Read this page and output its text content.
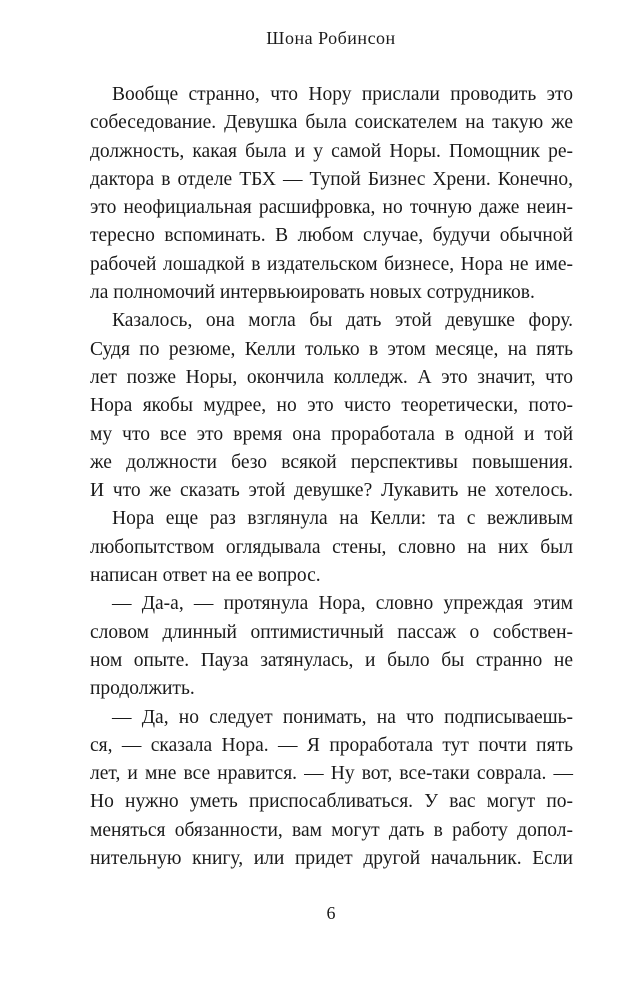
Шона Робинсон
Вообще странно, что Нору прислали проводить это
собеседование. Девушка была соискателем на такую же
должность, какая была и у самой Норы. Помощник ре-
дактора в отделе ТБХ — Тупой Бизнес Хрени. Конечно,
это неофициальная расшифровка, но точную даже неин-
тересно вспоминать. В любом случае, будучи обычной
рабочей лошадкой в издательском бизнесе, Нора не име-
ла полномочий интервьюировать новых сотрудников.
Казалось, она могла бы дать этой девушке фору.
Судя по резюме, Келли только в этом месяце, на пять
лет позже Норы, окончила колледж. А это значит, что
Нора якобы мудрее, но это чисто теоретически, пото-
му что все это время она проработала в одной и той
же должности безо всякой перспективы повышения.
И что же сказать этой девушке? Лукавить не хотелось.
Нора еще раз взглянула на Келли: та с вежливым
любопытством оглядывала стены, словно на них был
написан ответ на ее вопрос.
— Да-а, — протянула Нора, словно упреждая этим
словом длинный оптимистичный пассаж о собствен-
ном опыте. Пауза затянулась, и было бы странно не
продолжить.
— Да, но следует понимать, на что подписываешь-
ся, — сказала Нора. — Я проработала тут почти пять
лет, и мне все нравится. — Ну вот, все-таки соврала. —
Но нужно уметь приспосабливаться. У вас могут по-
меняться обязанности, вам могут дать в работу допол-
нительную книгу, или придет другой начальник. Если
6
